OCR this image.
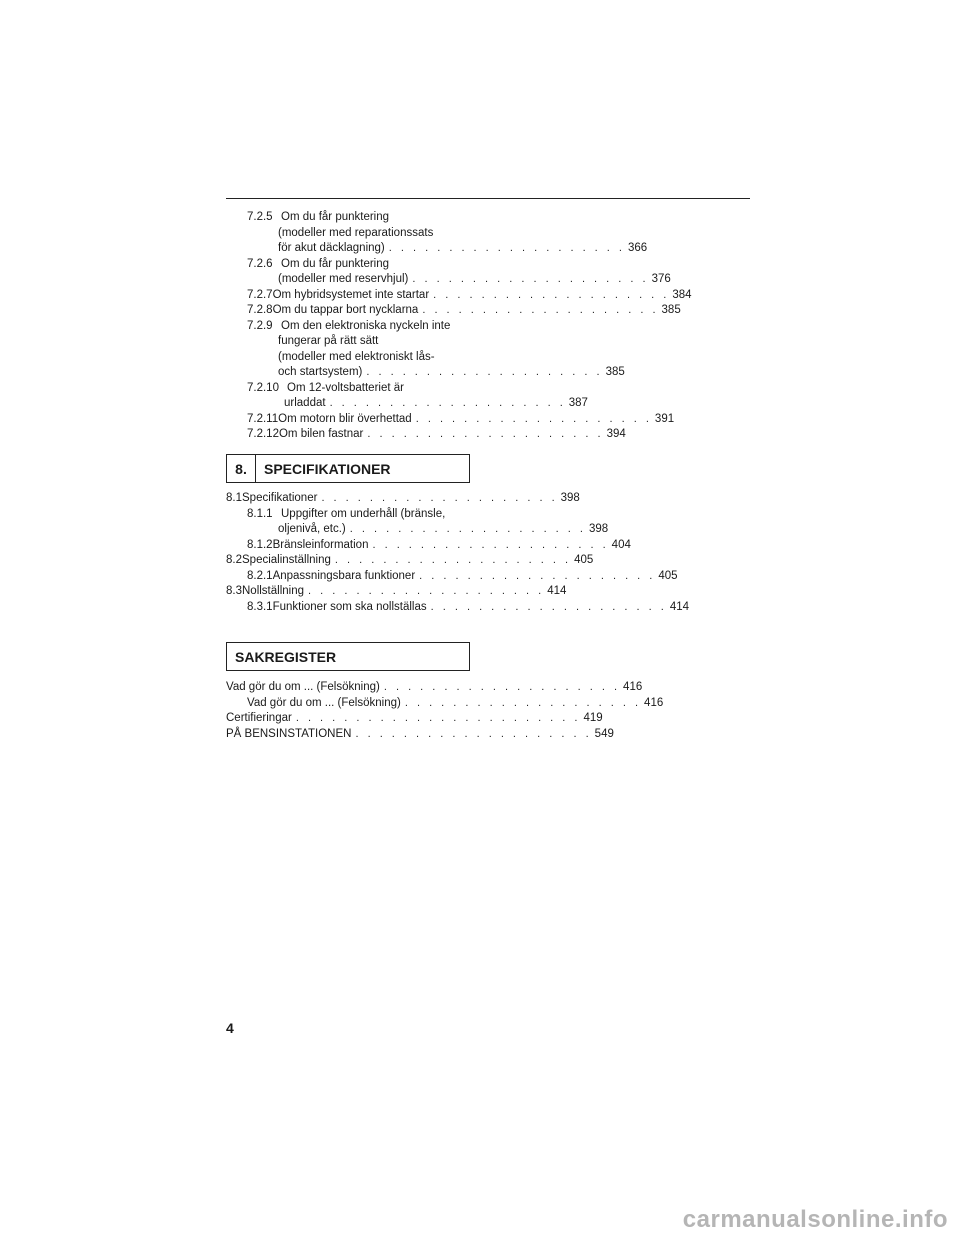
7.2.5 Om du får punktering
(modeller med reparationssats
för akut däcklagning) . . . . . . . . . . . . . . . . . . . . 366
7.2.6 Om du får punktering
(modeller med reservhjul) . . . . . . . . . . . . . . . . . . . . 376
7.2.7 Om hybridsystemet inte startar . . . . . . . . . . . . . . . . . . . . 384
7.2.8 Om du tappar bort nycklarna . . . . . . . . . . . . . . . . . . . . 385
7.2.9 Om den elektroniska nyckeln inte
fungerar på rätt sätt
(modeller med elektroniskt lås-
och startsystem) . . . . . . . . . . . . . . . . . . . . 385
7.2.10 Om 12-voltsbatteriet är
urladdat . . . . . . . . . . . . . . . . . . . . 387
7.2.11 Om motorn blir överhettad . . . . . . . . . . . . . . . . . . . . 391
7.2.12 Om bilen fastnar . . . . . . . . . . . . . . . . . . . . 394
8.	SPECIFIKATIONER
8.1 Specifikationer . . . . . . . . . . . . . . . . . . . . 398
8.1.1 Uppgifter om underhåll (bränsle,
oljenivå, etc.) . . . . . . . . . . . . . . . . . . . . 398
8.1.2 Bränsleinformation . . . . . . . . . . . . . . . . . . . . 404
8.2 Specialinställning . . . . . . . . . . . . . . . . . . . . 405
8.2.1 Anpassningsbara funktioner . . . . . . . . . . . . . . . . . . . . 405
8.3 Nollställning . . . . . . . . . . . . . . . . . . . . 414
8.3.1 Funktioner som ska nollställas . . . . . . . . . . . . . . . . . . . . 414
SAKREGISTER
Vad gör du om ... (Felsökning) . . . . . . . . . . . . . . . . . . . . 416
Vad gör du om ... (Felsökning) . . . . . . . . . . . . . . . . . . . . 416
Certifieringar . . . . . . . . . . . . . . . . . . . . . . . . 419
PÅ BENSINSTATIONEN . . . . . . . . . . . . . . . . . . . . 549
4
carmanualsonline.info
